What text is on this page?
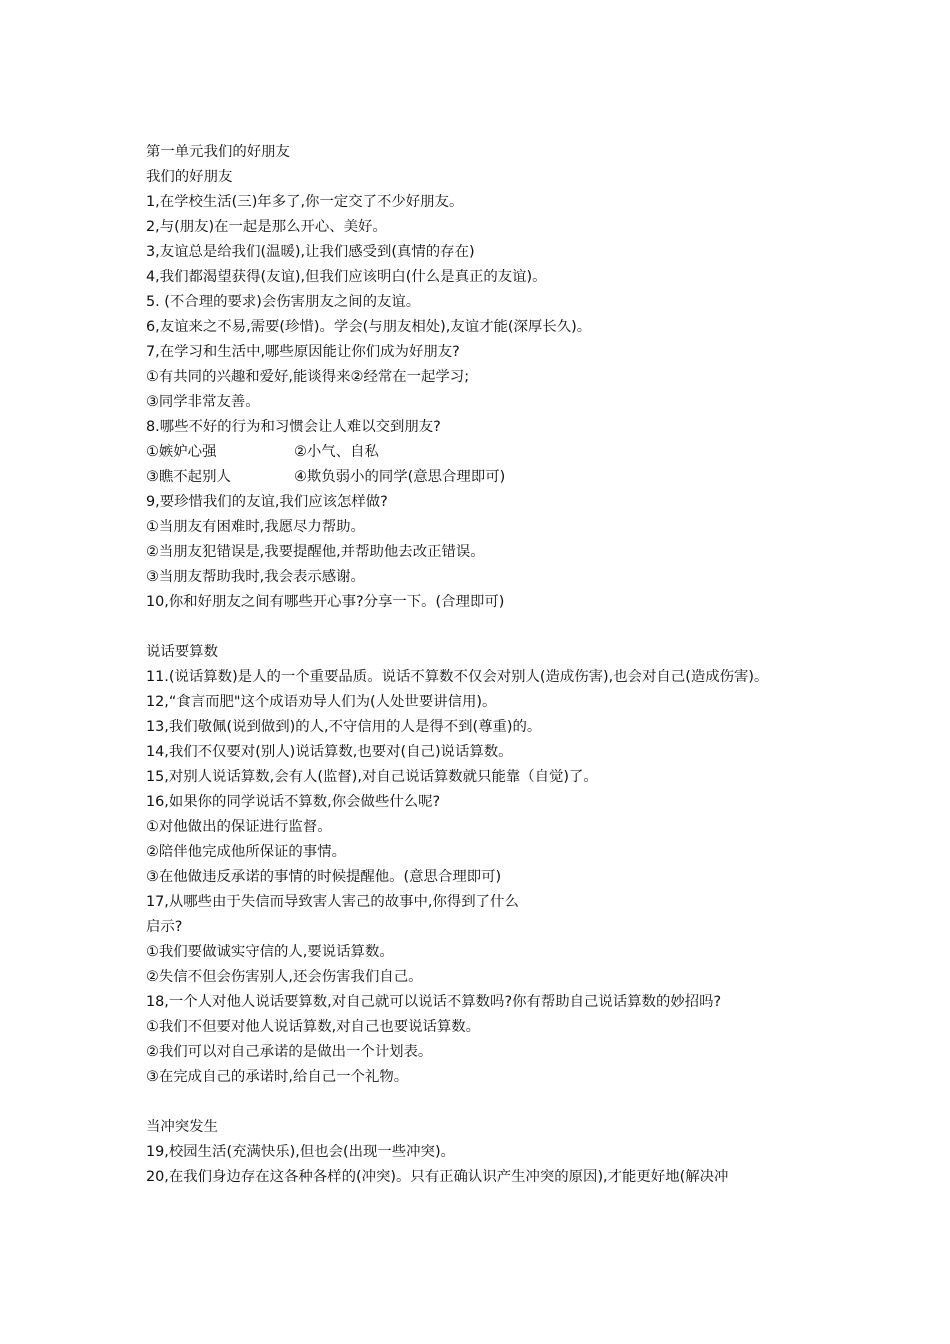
第一单元我们的好朋友
我们的好朋友
1,在学校生活(三)年多了,你一定交了不少好朋友。
2,与(朋友)在一起是那么开心、美好。
3,友谊总是给我们(温暖),让我们感受到(真情的存在)
4,我们都渴望获得(友谊),但我们应该明白(什么是真正的友谊)。
5. (不合理的要求)会伤害朋友之间的友谊。
6,友谊来之不易,需要(珍惜)。学会(与朋友相处),友谊才能(深厚长久)。
7,在学习和生活中,哪些原因能让你们成为好朋友?
①有共同的兴趣和爱好,能谈得来②经常在一起学习;
③同学非常友善。
8.哪些不好的行为和习惯会让人难以交到朋友?
①嫉妒心强	②小气、自私
③瞧不起别人	④欺负弱小的同学(意思合理即可)
9,要珍惜我们的友谊,我们应该怎样做?
①当朋友有困难时,我愿尽力帮助。
②当朋友犯错误是,我要提醒他,并帮助他去改正错误。
③当朋友帮助我时,我会表示感谢。
10,你和好朋友之间有哪些开心事?分享一下。(合理即可)
说话要算数
11.(说话算数)是人的一个重要品质。说话不算数不仅会对别人(造成伤害),也会对自己(造成伤害)。
12,“食言而肥"这个成语劝导人们为(人处世要讲信用)。
13,我们敬佩(说到做到)的人,不守信用的人是得不到(尊重)的。
14,我们不仅要对(别人)说话算数,也要对(自己)说话算数。
15,对别人说话算数,会有人(监督),对自己说话算数就只能靠（自觉)了。
16,如果你的同学说话不算数,你会做些什么呢?
①对他做出的保证进行监督。
②陪伴他完成他所保证的事情。
③在他做违反承诺的事情的时候提醒他。(意思合理即可)
17,从哪些由于失信而导致害人害己的故事中,你得到了什么
启示?
①我们要做诚实守信的人,要说话算数。
②失信不但会伤害别人,还会伤害我们自己。
18,一个人对他人说话要算数,对自己就可以说话不算数吗?你有帮助自己说话算数的妙招吗?
①我们不但要对他人说话算数,对自己也要说话算数。
②我们可以对自己承诺的是做出一个计划表。
③在完成自己的承诺时,给自己一个礼物。
当冲突发生
19,校园生活(充满快乐),但也会(出现一些冲突)。
20,在我们身边存在这各种各样的(冲突)。只有正确认识产生冲突的原因),才能更好地(解决冲
